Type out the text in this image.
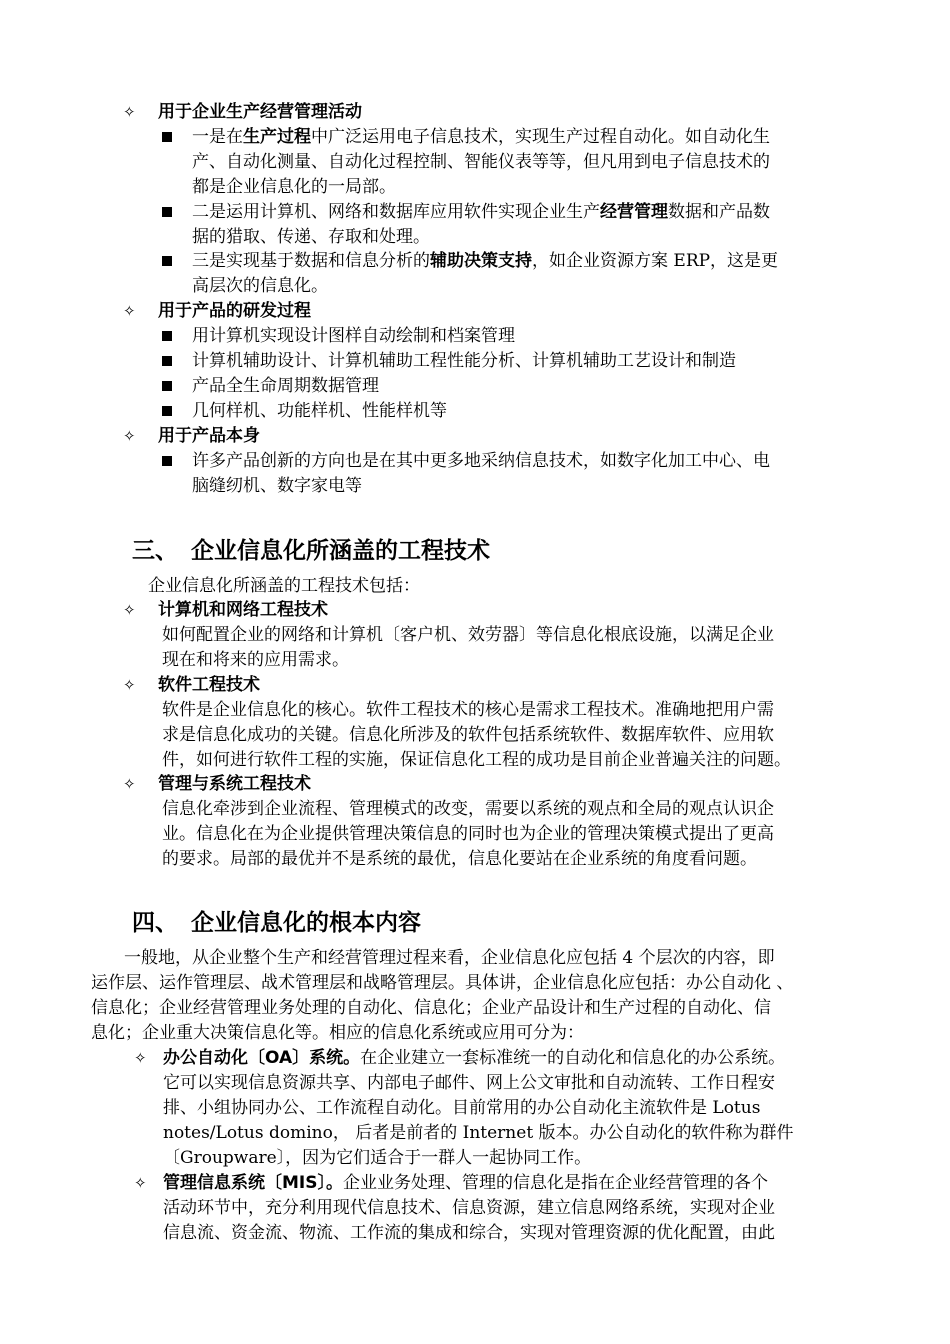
✧ 用于企业生产经营管理活动
一是在生产过程中广泛运用电子信息技术，实现生产过程自动化。如自动化生
产、自动化测量、自动化过程控制、智能仪表等等，但凡用到电子信息技术的
都是企业信息化的一局部。
二是运用计算机、网络和数据库应用软件实现企业生产经营管理数据和产品数
据的猎取、传递、存取和处理。
三是实现基于数据和信息分析的辅助决策支持，如企业资源方案 ERP，这是更
高层次的信息化。
✧ 用于产品的研发过程
用计算机实现设计图样自动绘制和档案管理
计算机辅助设计、计算机辅助工程性能分析、计算机辅助工艺设计和制造
产品全生命周期数据管理
几何样机、功能样机、性能样机等
✧ 用于产品本身
许多产品创新的方向也是在其中更多地采纳信息技术，如数字化加工中心、电
脑缝纫机、数字家电等
三、 企业信息化所涵盖的工程技术
企业信息化所涵盖的工程技术包括：
✧ 计算机和网络工程技术
如何配置企业的网络和计算机〔客户机、效劳器〕等信息化根底设施，以满足企业
现在和将来的应用需求。
✧ 软件工程技术
软件是企业信息化的核心。软件工程技术的核心是需求工程技术。准确地把用户需
求是信息化成功的关键。信息化所涉及的软件包括系统软件、数据库软件、应用软
件，如何进行软件工程的实施，保证信息化工程的成功是目前企业普遍关注的问题。
✧ 管理与系统工程技术
信息化牵涉到企业流程、管理模式的改变，需要以系统的观点和全局的观点认识企
业。信息化在为企业提供管理决策信息的同时也为企业的管理决策模式提出了更高
的要求。局部的最优并不是系统的最优，信息化要站在企业系统的角度看问题。
四、 企业信息化的根本内容
一般地，从企业整个生产和经营管理过程来看，企业信息化应包括 4 个层次的内容，即
运作层、运作管理层、战术管理层和战略管理层。具体讲，企业信息化应包括：办公自动化 、
信息化；企业经营管理业务处理的自动化、信息化；企业产品设计和生产过程的自动化、信
息化；企业重大决策信息化等。相应的信息化系统或应用可分为：
✧ 办公自动化〔OA〕系统。在企业建立一套标准统一的自动化和信息化的办公系统。
它可以实现信息资源共享、内部电子邮件、网上公文审批和自动流转、工作日程安
排、小组协同办公、工作流程自动化。目前常用的办公自动化主流软件是 Lotus
notes/Lotus domino， 后者是前者的 Internet 版本。办公自动化的软件称为群件
〔Groupware〕，因为它们适合于一群人一起协同工作。
✧ 管理信息系统〔MIS〕。企业业务处理、管理的信息化是指在企业经营管理的各个
活动环节中，充分利用现代信息技术、信息资源，建立信息网络系统，实现对企业
信息流、资金流、物流、工作流的集成和综合，实现对管理资源的优化配置，由此
